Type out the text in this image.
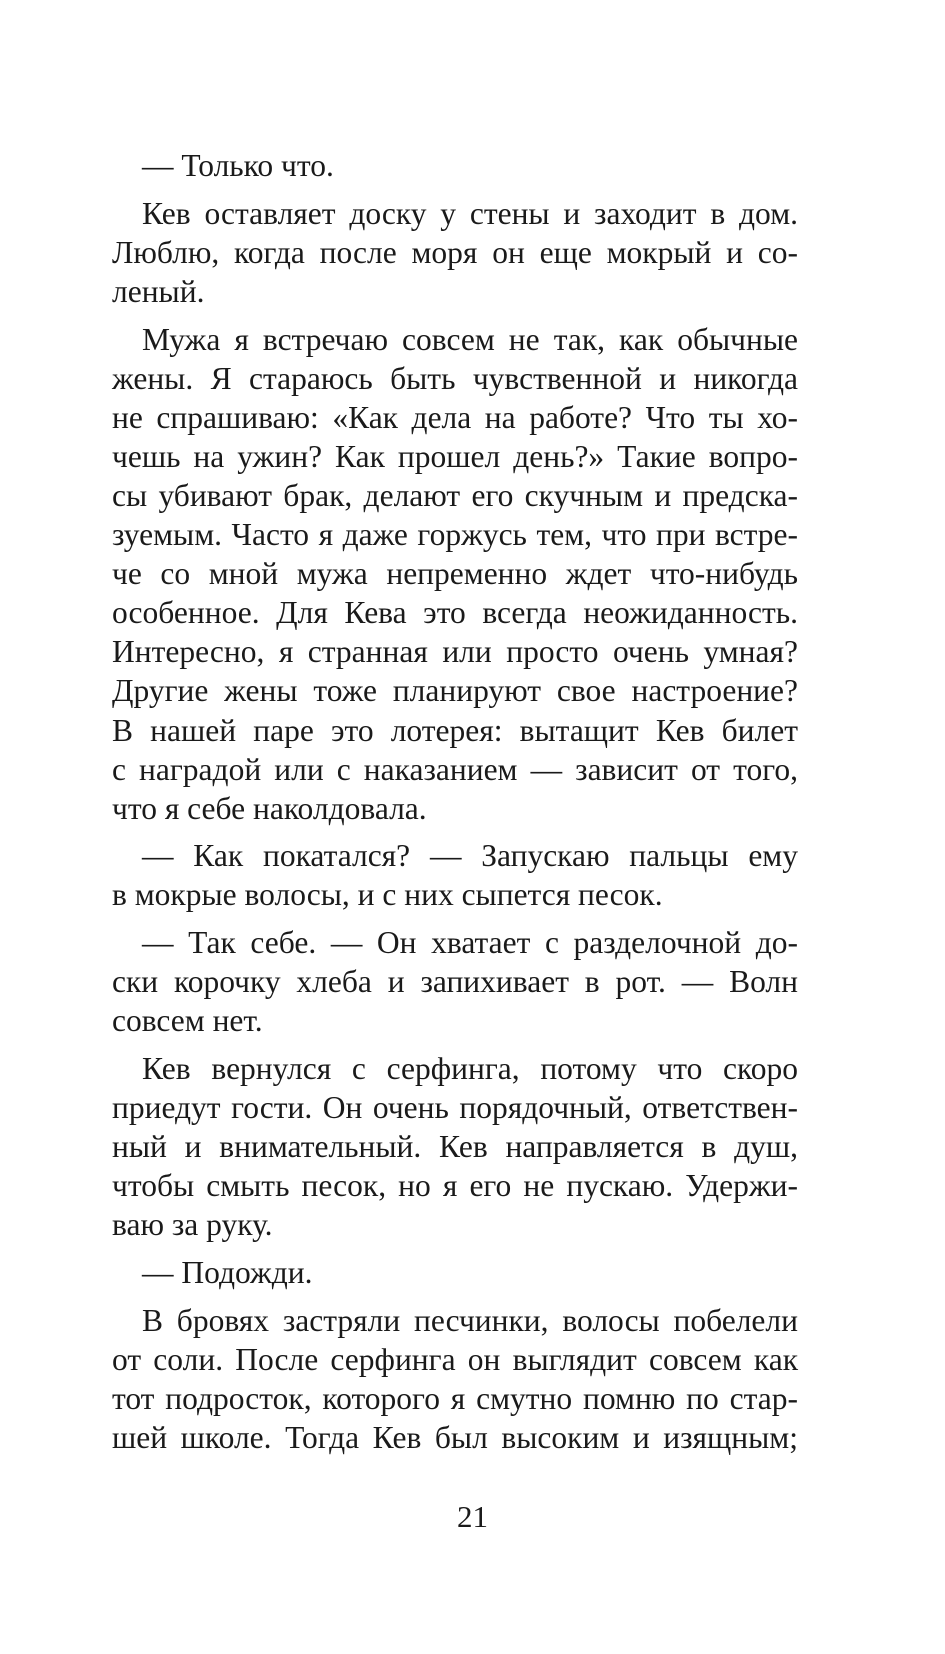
— Только что.
Кев оставляет доску у стены и заходит в дом.
Люблю, когда после моря он еще мокрый и со-
леный.
Мужа я встречаю совсем не так, как обычные
жены. Я стараюсь быть чувственной и никогда
не спрашиваю: «Как дела на работе? Что ты хо-
чешь на ужин? Как прошел день?» Такие вопро-
сы убивают брак, делают его скучным и предска-
зуемым. Часто я даже горжусь тем, что при встре-
че со мной мужа непременно ждет что-нибудь
особенное. Для Кева это всегда неожиданность.
Интересно, я странная или просто очень умная?
Другие жены тоже планируют свое настроение?
В нашей паре это лотерея: вытащит Кев билет
с наградой или с наказанием — зависит от того,
что я себе наколдовала.
— Как покатался? — Запускаю пальцы ему
в мокрые волосы, и с них сыпется песок.
— Так себе. — Он хватает с разделочной до-
ски корочку хлеба и запихивает в рот. — Волн
совсем нет.
Кев вернулся с серфинга, потому что скоро
приедут гости. Он очень порядочный, ответствен-
ный и внимательный. Кев направляется в душ,
чтобы смыть песок, но я его не пускаю. Удержи-
ваю за руку.
— Подожди.
В бровях застряли песчинки, волосы побелели
от соли. После серфинга он выглядит совсем как
тот подросток, которого я смутно помню по стар-
шей школе. Тогда Кев был высоким и изящным;
21
